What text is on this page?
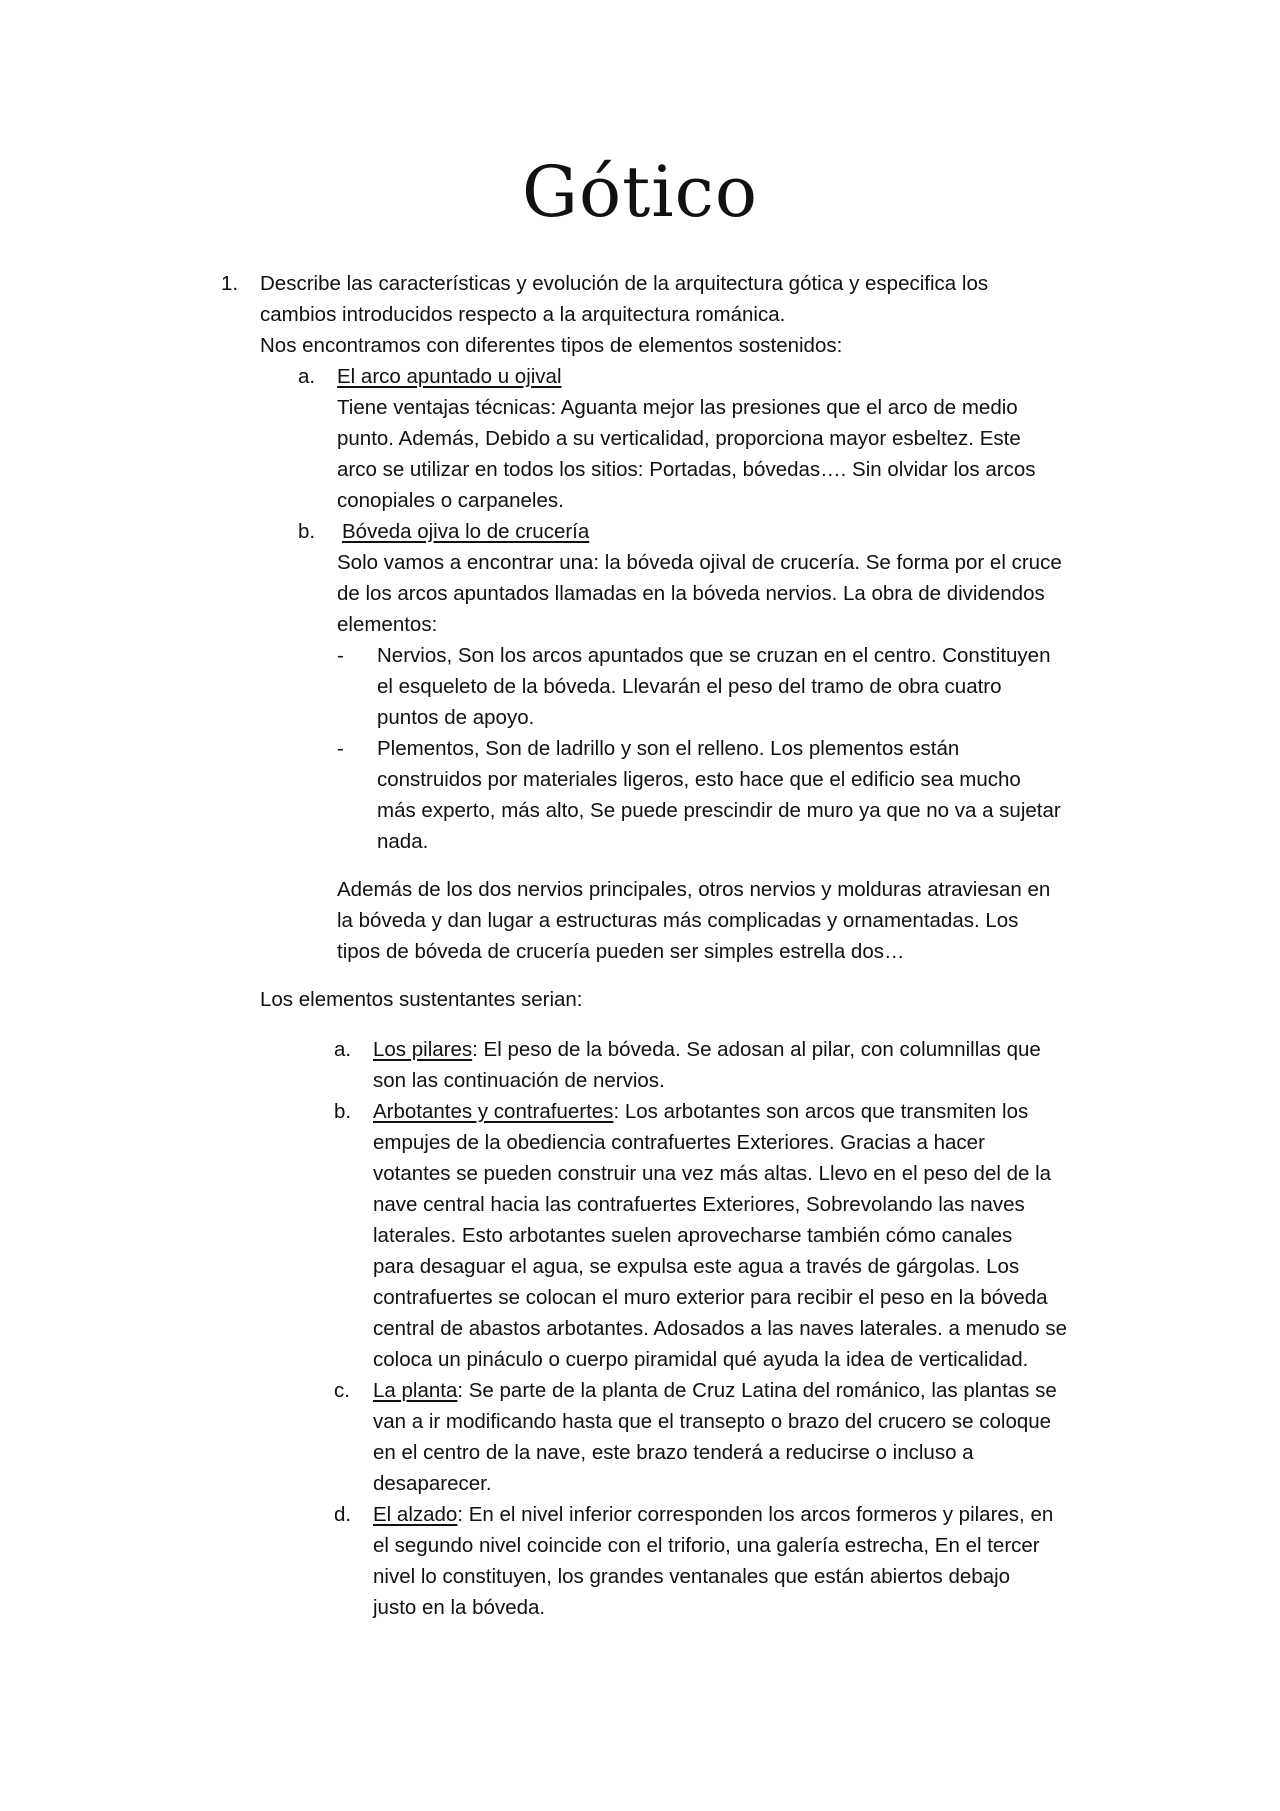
Gótico
1. Describe las características y evolución de la arquitectura gótica y especifica los
cambios introducidos respecto a la arquitectura románica.
Nos encontramos con diferentes tipos de elementos sostenidos:
a. El arco apuntado u ojival
Tiene ventajas técnicas: Aguanta mejor las presiones que el arco de medio
punto. Además, Debido a su verticalidad, proporciona mayor esbeltez. Este
arco se utilizar en todos los sitios: Portadas, bóvedas…. Sin olvidar los arcos
conopiales o carpaneles.
b. Bóveda ojiva lo de crucería
Solo vamos a encontrar una: la bóveda ojival de crucería. Se forma por el cruce
de los arcos apuntados llamadas en la bóveda nervios. La obra de dividendos
elementos:
- Nervios, Son los arcos apuntados que se cruzan en el centro. Constituyen
el esqueleto de la bóveda. Llevarán el peso del tramo de obra cuatro
puntos de apoyo.
- Plementos, Son de ladrillo y son el relleno. Los plementos están
construidos por materiales ligeros, esto hace que el edificio sea mucho
más experto, más alto, Se puede prescindir de muro ya que no va a sujetar
nada.
Además de los dos nervios principales, otros nervios y molduras atraviesan en
la bóveda y dan lugar a estructuras más complicadas y ornamentadas. Los
tipos de bóveda de crucería pueden ser simples estrella dos…
Los elementos sustentantes serian:
a. Los pilares: El peso de la bóveda. Se adosan al pilar, con columnillas que
son las continuación de nervios.
b. Arbotantes y contrafuertes: Los arbotantes son arcos que transmiten los
empujes de la obediencia contrafuertes Exteriores. Gracias a hacer
votantes se pueden construir una vez más altas. Llevo en el peso del de la
nave central hacia las contrafuertes Exteriores, Sobrevolando las naves
laterales. Esto arbotantes suelen aprovecharse también cómo canales
para desaguar el agua, se expulsa este agua a través de gárgolas. Los
contrafuertes se colocan el muro exterior para recibir el peso en la bóveda
central de abastos arbotantes. Adosados a las naves laterales. a menudo se
coloca un pináculo o cuerpo piramidal qué ayuda la idea de verticalidad.
c. La planta: Se parte de la planta de Cruz Latina del románico, las plantas se
van a ir modificando hasta que el transepto o brazo del crucero se coloque
en el centro de la nave, este brazo tenderá a reducirse o incluso a
desaparecer.
d. El alzado: En el nivel inferior corresponden los arcos formeros y pilares, en
el segundo nivel coincide con el triforio, una galería estrecha, En el tercer
nivel lo constituyen, los grandes ventanales que están abiertos debajo
justo en la bóveda.
